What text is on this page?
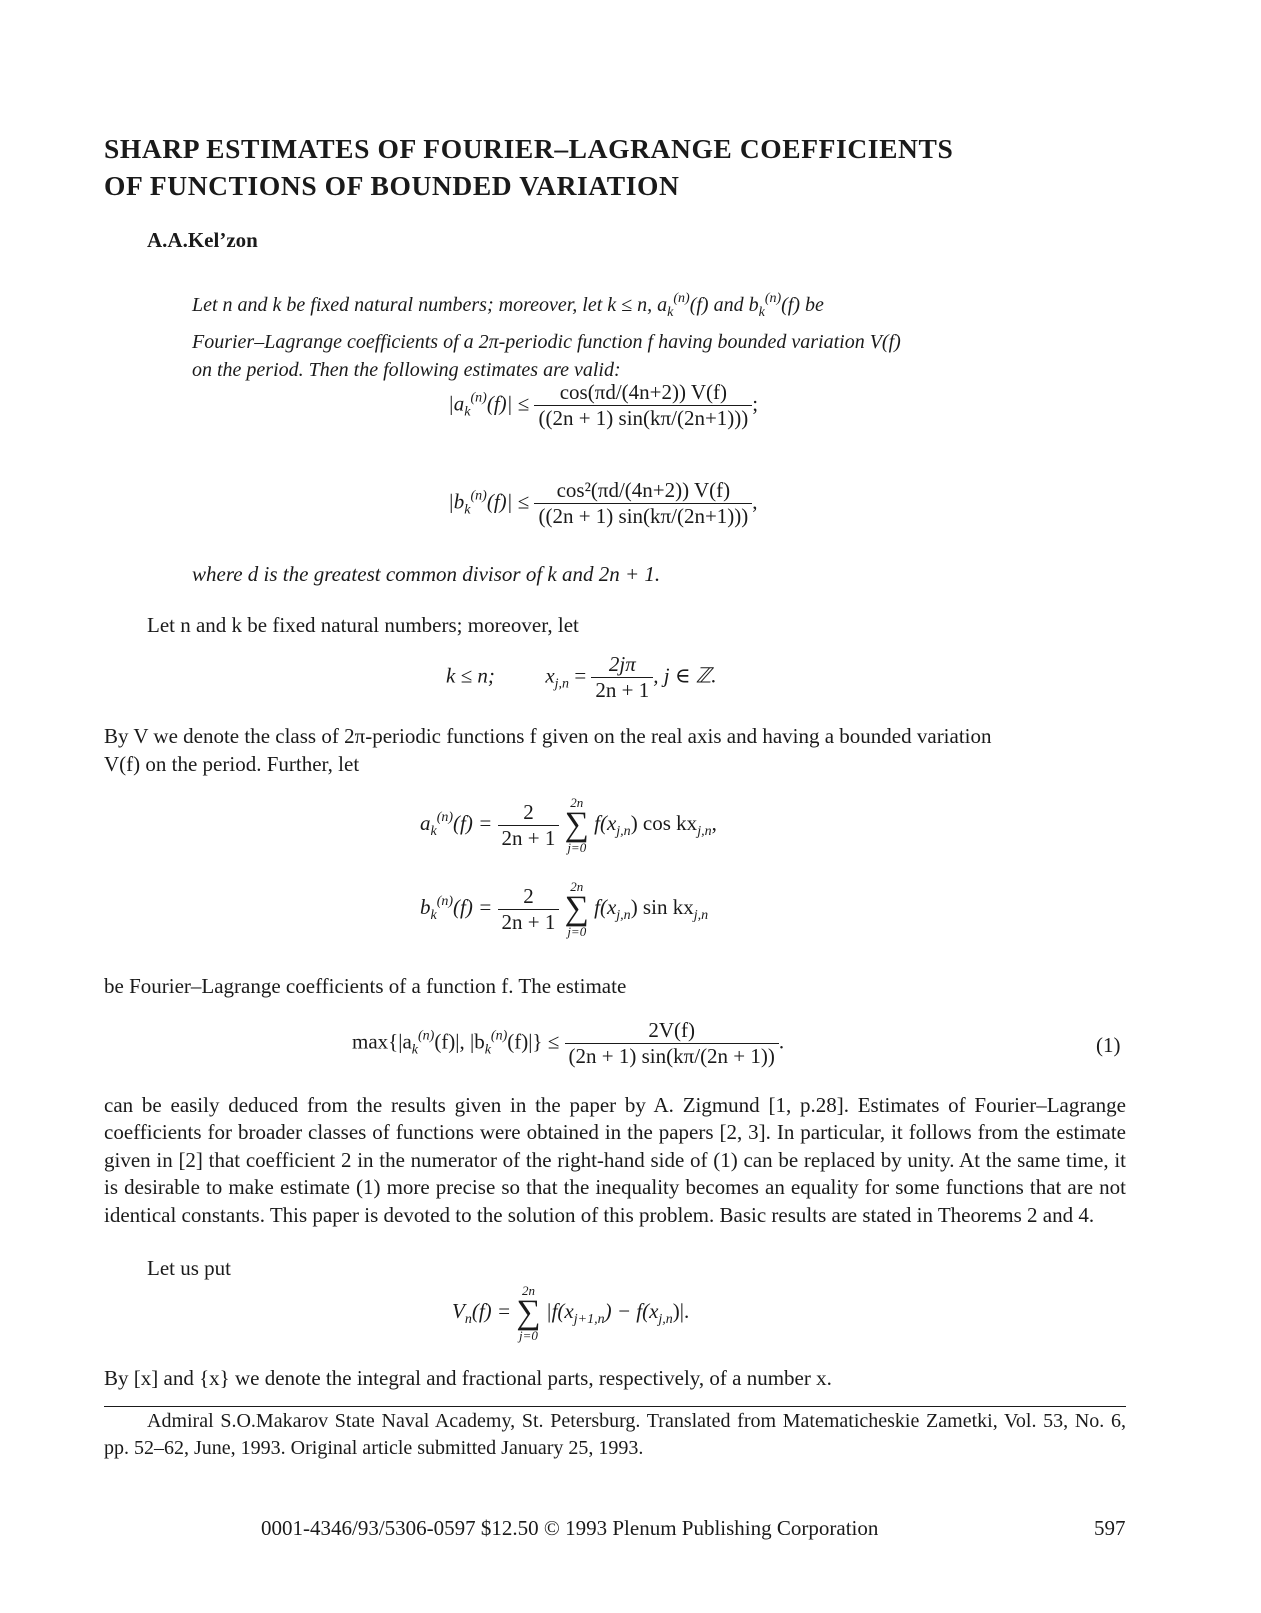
SHARP ESTIMATES OF FOURIER–LAGRANGE COEFFICIENTS
OF FUNCTIONS OF BOUNDED VARIATION
A.A.Kel’zon
Let n and k be fixed natural numbers; moreover, let k ≤ n, $a_k^{(n)}(f)$ and $b_k^{(n)}(f)$ be
Fourier–Lagrange coefficients of a 2π-periodic function f having bounded variation V(f)
on the period. Then the following estimates are valid:
$|a_k^{(n)}(f)| \le \frac{\cos(\pi d/(4n+2)) V(f)}{((2n + 1) \sin(k\pi/(2n+1)))}$ ;
$|b_k^{(n)}(f)| \le \frac{\text{cos²(πd/(4n+2)) V(f)}}{((2n + 1) \sin(k\pi/(2n+1)))}$ ,
where d is the greatest common divisor of k and 2n + 1.
Let n and k be fixed natural numbers; moreover, let
k ≤ n; $x_{j,n} = \frac{2j\pi}{2n + 1}$ , j ∈ ℤ.
By V we denote the class of 2π-periodic functions f given on the real axis and having a bounded variation
V(f) on the period. Further, let
$a_k^{(n)}(f) = \frac{2}{2n + 1}$
2n
∑
j=0
$f(x_{j,n})$ $\cos kx_{j,n}$,
$b_k^{(n)}(f) = \frac{2}{2n + 1}$
2n
∑
j=0
$f(x_{j,n})$ $\sin kx_{j,n}$
be Fourier–Lagrange coefficients of a function f. The estimate
$\max\{|a_k^{(n)}(f)|$, $|b_k^{(n)}(f)|\} \le \frac{2V(f)}{(2n + 1) \sin(k\pi/(2n + 1))}$ .	(1)
can be easily deduced from the results given in the paper by A. Zigmund [1, p.28]. Estimates of Fourier–Lagrange coefficients for broader classes of functions were obtained in the papers [2, 3]. In particular, it follows from the estimate given in [2] that coefficient 2 in the numerator of the right-hand side of (1) can be replaced by unity. At the same time, it is desirable to make estimate (1) more precise so that the inequality becomes an equality for some functions that are not identical constants. This paper is devoted to the solution of this problem. Basic results are stated in Theorems 2 and 4.
Let us put
$V_n(f)$ =
2n
∑
j=0
$|f(x_{j+1,n}) - f(x_{j,n})|$.
By [x] and {x} we denote the integral and fractional parts, respectively, of a number x.
Admiral S.O.Makarov State Naval Academy, St. Petersburg. Translated from Matematicheskie Zametki, Vol. 53, No. 6, pp. 52–62, June, 1993. Original article submitted January 25, 1993.
0001-4346/93/5306-0597 $12.50 © 1993 Plenum Publishing Corporation	597
